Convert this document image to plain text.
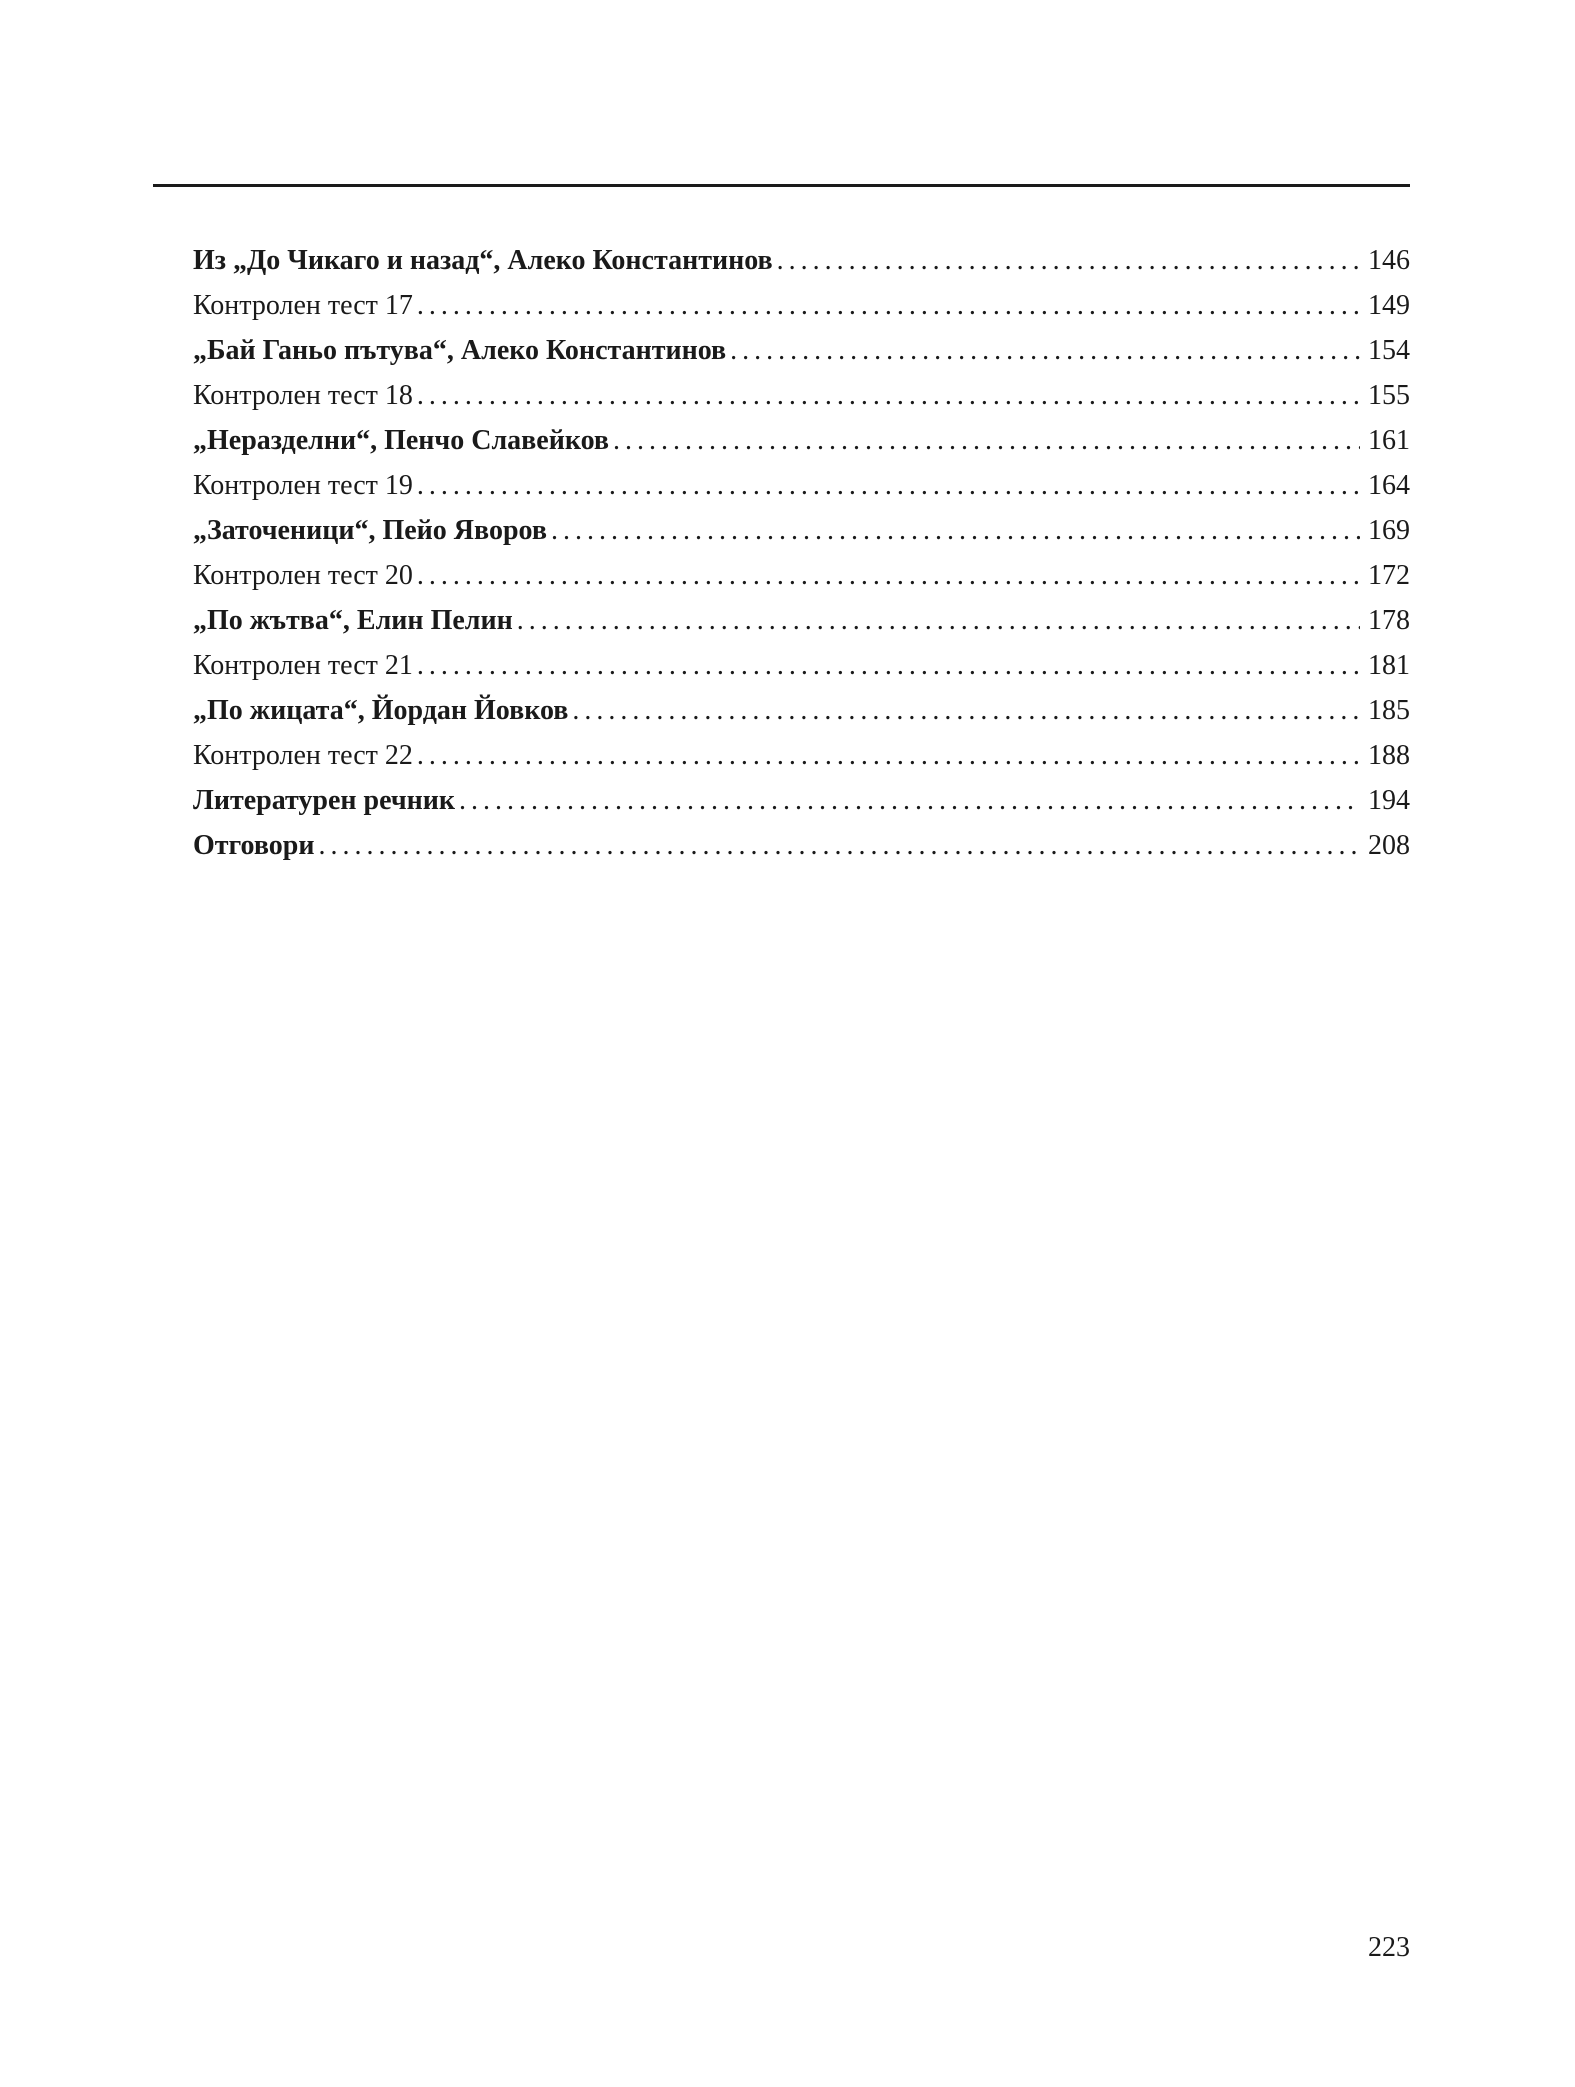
Из „До Чикаго и назад“, Алеко Константинов . . .	146
Контролен тест 17 . . .	149
„Бай Ганьо пътува“, Алеко Константинов . . .	154
Контролен тест 18 . . .	155
„Неразделни“, Пенчо Славейков . . .	161
Контролен тест 19 . . .	164
„Заточеници“, Пейо Яворов . . .	169
Контролен тест 20 . . .	172
„По жътва“, Елин Пелин . . .	178
Контролен тест 21 . . .	181
„По жицата“, Йордан Йовков . . .	185
Контролен тест 22 . . .	188
Литературен речник . . .	194
Отговори . . .	208
223
